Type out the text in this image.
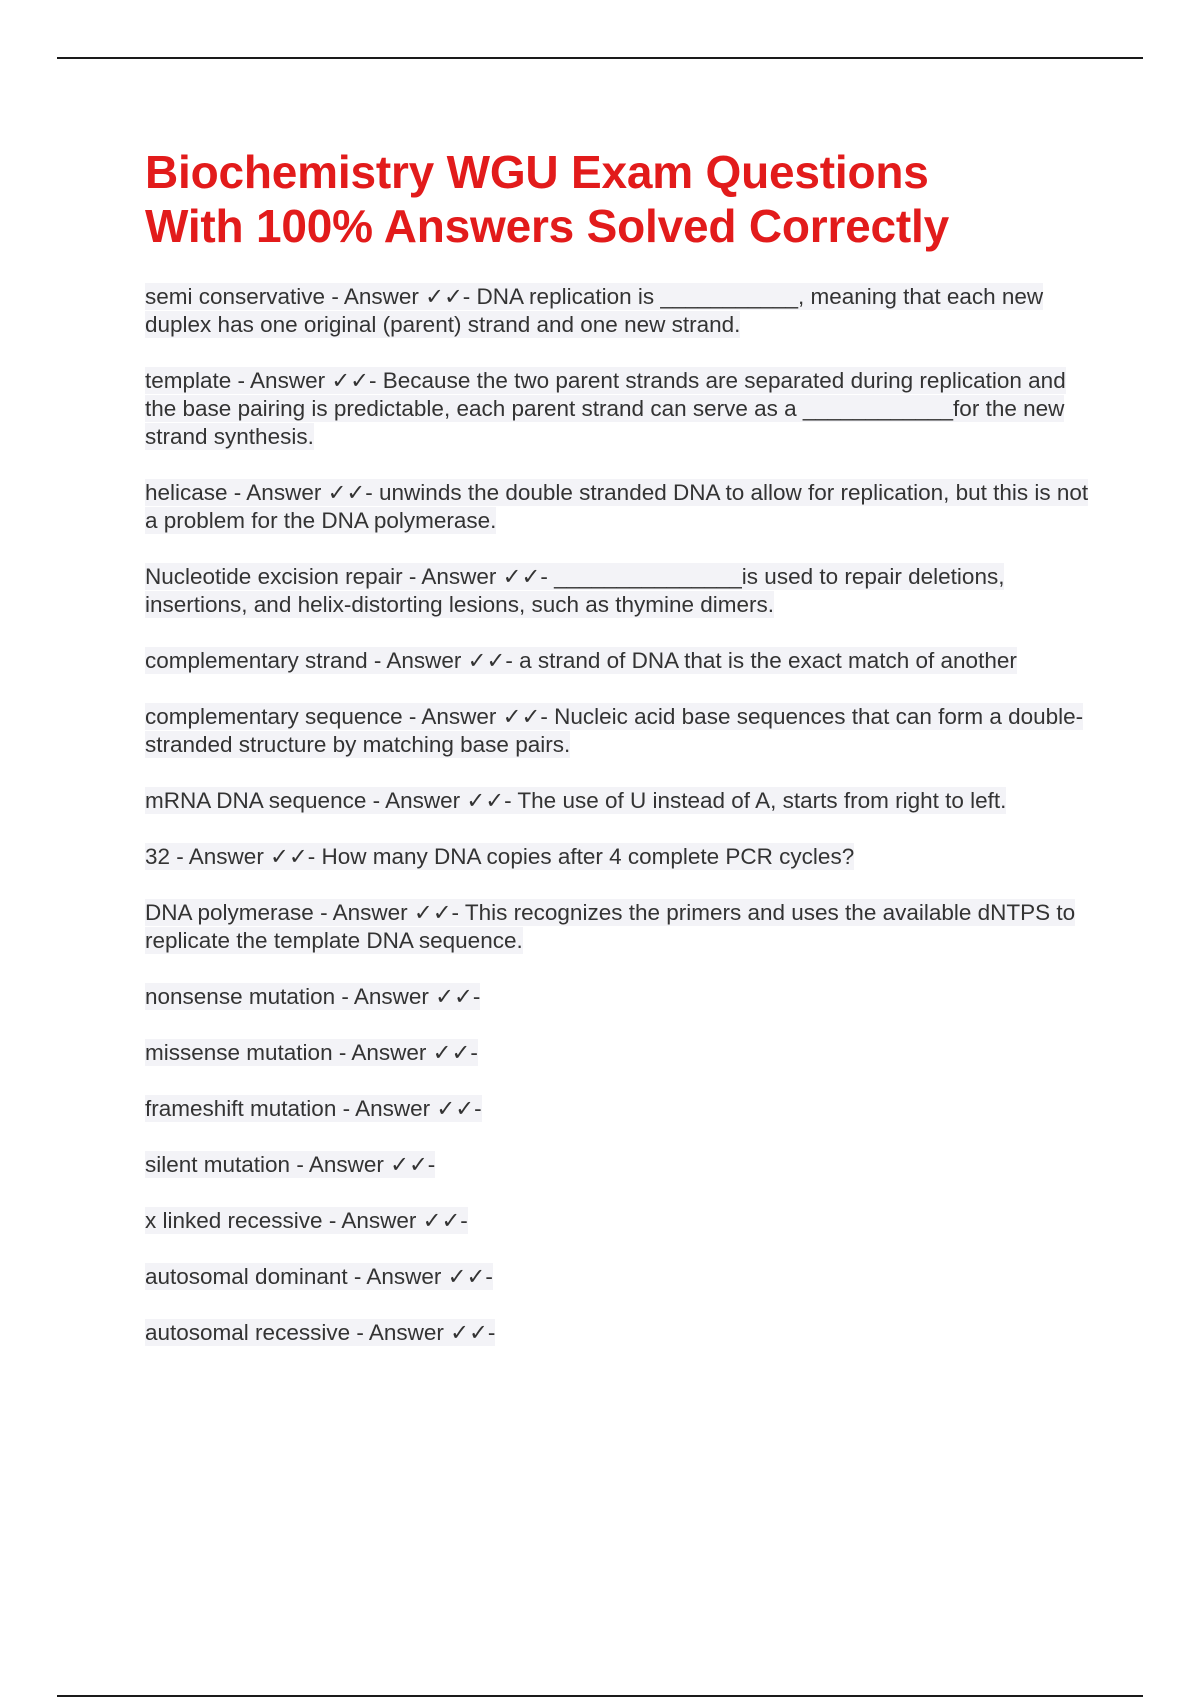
Biochemistry WGU Exam Questions
With 100% Answers Solved Correctly

semi conservative - Answer ✓✓- DNA replication is ___________, meaning that each new duplex has one original (parent) strand and one new strand.

template - Answer ✓✓- Because the two parent strands are separated during replication and the base pairing is predictable, each parent strand can serve as a ____________for the new strand synthesis.

helicase - Answer ✓✓- unwinds the double stranded DNA to allow for replication, but this is not a problem for the DNA polymerase.

Nucleotide excision repair - Answer ✓✓- _______________is used to repair deletions, insertions, and helix-distorting lesions, such as thymine dimers.

complementary strand - Answer ✓✓- a strand of DNA that is the exact match of another

complementary sequence - Answer ✓✓- Nucleic acid base sequences that can form a double-stranded structure by matching base pairs.

mRNA DNA sequence - Answer ✓✓- The use of U instead of A, starts from right to left.

32 - Answer ✓✓- How many DNA copies after 4 complete PCR cycles?

DNA polymerase - Answer ✓✓- This recognizes the primers and uses the available dNTPS to replicate the template DNA sequence.

nonsense mutation - Answer ✓✓-

missense mutation - Answer ✓✓-

frameshift mutation - Answer ✓✓-

silent mutation - Answer ✓✓-

x linked recessive - Answer ✓✓-

autosomal dominant - Answer ✓✓-

autosomal recessive - Answer ✓✓-
